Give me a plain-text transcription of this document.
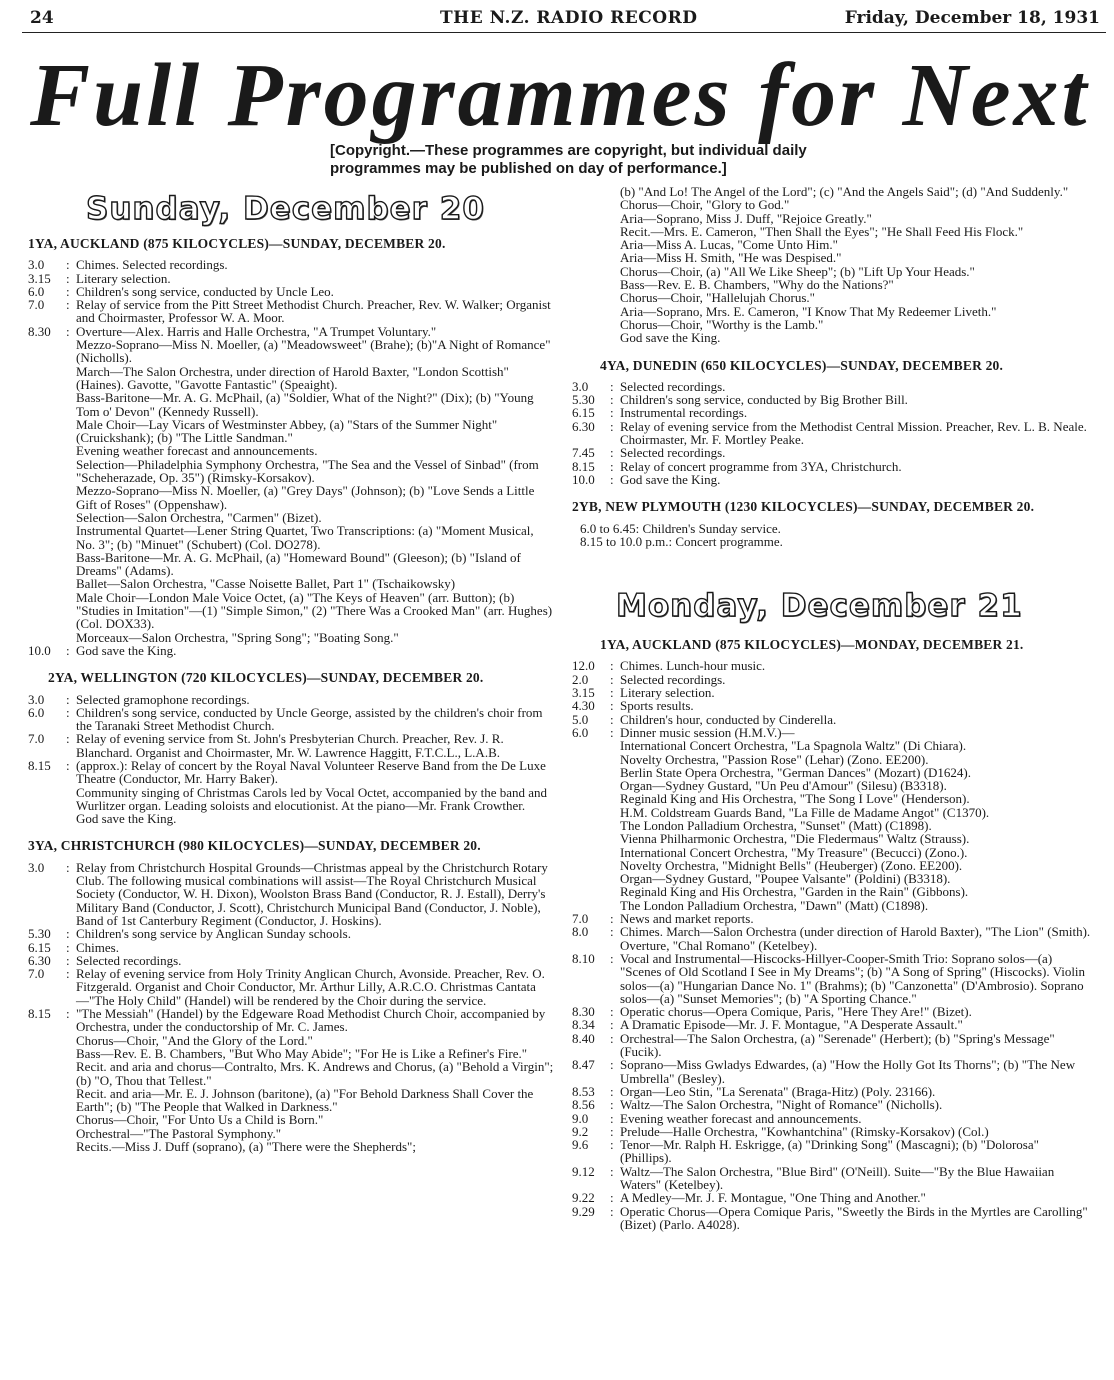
24	THE N.Z. RADIO RECORD	Friday, December 18, 1931
Full Programmes for Next
[Copyright.—These programmes are copyright, but individual daily programmes may be published on day of performance.]
Sunday, December 20
1YA, AUCKLAND (875 KILOCYCLES)—SUNDAY, DECEMBER 20.
3.0	: Chimes. Selected recordings.
3.15	: Literary selection.
6.0	: Children's song service, conducted by Uncle Leo.
7.0	: Relay of service from the Pitt Street Methodist Church. Preacher, Rev. W. Walker; Organist and Choirmaster, Professor W. A. Moor.
8.30	: Overture—Alex. Harris and Halle Orchestra, "A Trumpet Voluntary."
Mezzo-Soprano—Miss N. Moeller, (a) "Meadowsweet" (Brahe); (b)"A Night of Romance" (Nicholls).
March—The Salon Orchestra, under direction of Harold Baxter, "London Scottish" (Haines). Gavotte, "Gavotte Fantastic" (Speaight).
Bass-Baritone—Mr. A. G. McPhail, (a) "Soldier, What of the Night?" (Dix); (b) "Young Tom o' Devon" (Kennedy Russell).
Male Choir—Lay Vicars of Westminster Abbey, (a) "Stars of the Summer Night" (Cruickshank); (b) "The Little Sandman."
Evening weather forecast and announcements.
Selection—Philadelphia Symphony Orchestra, "The Sea and the Vessel of Sinbad" (from "Scheherazade, Op. 35") (Rimsky-Korsakov).
Mezzo-Soprano—Miss N. Moeller, (a) "Grey Days" (Johnson); (b) "Love Sends a Little Gift of Roses" (Oppenshaw).
Selection—Salon Orchestra, "Carmen" (Bizet).
Instrumental Quartet—Lener String Quartet, Two Transcriptions: (a) "Moment Musical, No. 3"; (b) "Minuet" (Schubert) (Col. DO278).
Bass-Baritone—Mr. A. G. McPhail, (a) "Homeward Bound" (Gleeson); (b) "Island of Dreams" (Adams).
Ballet—Salon Orchestra, "Casse Noisette Ballet, Part 1" (Tschaikowsky)
Male Choir—London Male Voice Octet, (a) "The Keys of Heaven" (arr. Button); (b) "Studies in Imitation"—(1) "Simple Simon," (2) "There Was a Crooked Man" (arr. Hughes) (Col. DOX33).
Morceaux—Salon Orchestra, "Spring Song"; "Boating Song."
10.0	: God save the King.
2YA, WELLINGTON (720 KILOCYCLES)—SUNDAY, DECEMBER 20.
3.0	: Selected gramophone recordings.
6.0	: Children's song service, conducted by Uncle George, assisted by the children's choir from the Taranaki Street Methodist Church.
7.0	: Relay of evening service from St. John's Presbyterian Church. Preacher, Rev. J. R. Blanchard. Organist and Choirmaster, Mr. W. Lawrence Haggitt, F.T.C.L., L.A.B.
8.15	: (approx.): Relay of concert by the Royal Naval Volunteer Reserve Band from the De Luxe Theatre (Conductor, Mr. Harry Baker).
Community singing of Christmas Carols led by Vocal Octet, accompanied by the band and Wurlitzer organ. Leading soloists and elocutionist. At the piano—Mr. Frank Crowther.
God save the King.
3YA, CHRISTCHURCH (980 KILOCYCLES)—SUNDAY, DECEMBER 20.
3.0	: Relay from Christchurch Hospital Grounds—Christmas appeal by the Christchurch Rotary Club. The following musical combinations will assist—The Royal Christchurch Musical Society (Conductor, W. H. Dixon), Woolston Brass Band (Conductor, R. J. Estall), Derry's Military Band (Conductor, J. Scott), Christchurch Municipal Band (Conductor, J. Noble), Band of 1st Canterbury Regiment (Conductor, J. Hoskins).
5.30	: Children's song service by Anglican Sunday schools.
6.15	: Chimes.
6.30	: Selected recordings.
7.0	: Relay of evening service from Holy Trinity Anglican Church, Avonside. Preacher, Rev. O. Fitzgerald. Organist and Choir Conductor, Mr. Arthur Lilly, A.R.C.O. Christmas Cantata—"The Holy Child" (Handel) will be rendered by the Choir during the service.
8.15	: "The Messiah" (Handel) by the Edgeware Road Methodist Church Choir, accompanied by Orchestra, under the conductorship of Mr. C. James.
Chorus—Choir, "And the Glory of the Lord."
Bass—Rev. E. B. Chambers, "But Who May Abide"; "For He is Like a Refiner's Fire."
Recit. and aria and chorus—Contralto, Mrs. K. Andrews and Chorus, (a) "Behold a Virgin"; (b) "O, Thou that Tellest."
Recit. and aria—Mr. E. J. Johnson (baritone), (a) "For Behold Darkness Shall Cover the Earth"; (b) "The People that Walked in Darkness."
Chorus—Choir, "For Unto Us a Child is Born."
Orchestral—"The Pastoral Symphony."
Recits.—Miss J. Duff (soprano), (a) "There were the Shepherds";
(b) "And Lo! The Angel of the Lord"; (c) "And the Angels Said"; (d) "And Suddenly."
Chorus—Choir, "Glory to God."
Aria—Soprano, Miss J. Duff, "Rejoice Greatly."
Recit.—Mrs. E. Cameron, "Then Shall the Eyes"; "He Shall Feed His Flock."
Aria—Miss A. Lucas, "Come Unto Him."
Aria—Miss H. Smith, "He was Despised."
Chorus—Choir, (a) "All We Like Sheep"; (b) "Lift Up Your Heads."
Bass—Rev. E. B. Chambers, "Why do the Nations?"
Chorus—Choir, "Hallelujah Chorus."
Aria—Soprano, Mrs. E. Cameron, "I Know That My Redeemer Liveth."
Chorus—Choir, "Worthy is the Lamb."
God save the King.
4YA, DUNEDIN (650 KILOCYCLES)—SUNDAY, DECEMBER 20.
3.0	: Selected recordings.
5.30	: Children's song service, conducted by Big Brother Bill.
6.15	: Instrumental recordings.
6.30	: Relay of evening service from the Methodist Central Mission. Preacher, Rev. L. B. Neale. Choirmaster, Mr. F. Mortley Peake.
7.45	: Selected recordings.
8.15	: Relay of concert programme from 3YA, Christchurch.
10.0	: God save the King.
2YB, NEW PLYMOUTH (1230 KILOCYCLES)—SUNDAY, DECEMBER 20.
6.0 to 6.45: Children's Sunday service.
8.15 to 10.0 p.m.: Concert programme.
Monday, December 21
1YA, AUCKLAND (875 KILOCYCLES)—MONDAY, DECEMBER 21.
12.0	: Chimes. Lunch-hour music.
2.0	: Selected recordings.
3.15	: Literary selection.
4.30	: Sports results.
5.0	: Children's hour, conducted by Cinderella.
6.0	: Dinner music session (H.M.V.)—
International Concert Orchestra, "La Spagnola Waltz" (Di Chiara).
Novelty Orchestra, "Passion Rose" (Lehar) (Zono. EE200).
Berlin State Opera Orchestra, "German Dances" (Mozart) (D1624).
Organ—Sydney Gustard, "Un Peu d'Amour" (Silesu) (B3318).
Reginald King and His Orchestra, "The Song I Love" (Henderson).
H.M. Coldstream Guards Band, "La Fille de Madame Angot" (C1370).
The London Palladium Orchestra, "Sunset" (Matt) (C1898).
Vienna Philharmonic Orchestra, "Die Fledermaus" Waltz (Strauss).
International Concert Orchestra, "My Treasure" (Becucci) (Zono.).
Novelty Orchestra, "Midnight Bells" (Heuberger) (Zono. EE200).
Organ—Sydney Gustard, "Poupee Valsante" (Poldini) (B3318).
Reginald King and His Orchestra, "Garden in the Rain" (Gibbons).
The London Palladium Orchestra, "Dawn" (Matt) (C1898).
7.0	: News and market reports.
8.0	: Chimes. March—Salon Orchestra (under direction of Harold Baxter), "The Lion" (Smith). Overture, "Chal Romano" (Ketelbey).
8.10	: Vocal and Instrumental—Hiscocks-Hillyer-Cooper-Smith Trio: Soprano solos—(a) "Scenes of Old Scotland I See in My Dreams"; (b) "A Song of Spring" (Hiscocks). Violin solos—(a) "Hungarian Dance No. 1" (Brahms); (b) "Canzonetta" (D'Ambrosio). Soprano solos—(a) "Sunset Memories"; (b) "A Sporting Chance."
8.30	: Operatic chorus—Opera Comique, Paris, "Here They Are!" (Bizet).
8.34	: A Dramatic Episode—Mr. J. F. Montague, "A Desperate Assault."
8.40	: Orchestral—The Salon Orchestra, (a) "Serenade" (Herbert); (b) "Spring's Message" (Fucik).
8.47	: Soprano—Miss Gwladys Edwardes, (a) "How the Holly Got Its Thorns"; (b) "The New Umbrella" (Besley).
8.53	: Organ—Leo Stin, "La Serenata" (Braga-Hitz) (Poly. 23166).
8.56	: Waltz—The Salon Orchestra, "Night of Romance" (Nicholls).
9.0	: Evening weather forecast and announcements.
9.2	: Prelude—Halle Orchestra, "Kowhantchina" (Rimsky-Korsakov) (Col.)
9.6	: Tenor—Mr. Ralph H. Eskrigge, (a) "Drinking Song" (Mascagni); (b) "Dolorosa" (Phillips).
9.12	: Waltz—The Salon Orchestra, "Blue Bird" (O'Neill). Suite—"By the Blue Hawaiian Waters" (Ketelbey).
9.22	: A Medley—Mr. J. F. Montague, "One Thing and Another."
9.29	: Operatic Chorus—Opera Comique Paris, "Sweetly the Birds in the Myrtles are Carolling" (Bizet) (Parlo. A4028).
